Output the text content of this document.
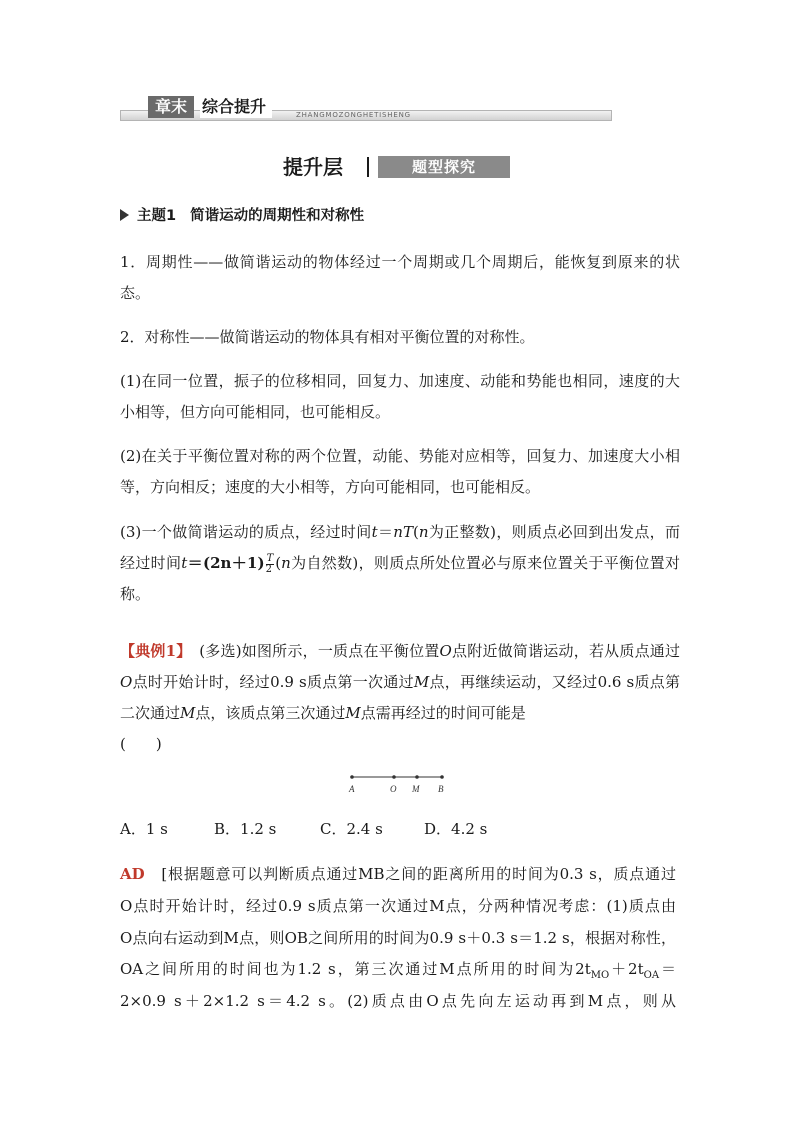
章末 综合提升	ZHANGMOZONGHETISHENG
提升层	题型探究
主题1 简谐运动的周期性和对称性
1．周期性——做简谐运动的物体经过一个周期或几个周期后，能恢复到原来的状态。
2．对称性——做简谐运动的物体具有相对平衡位置的对称性。
(1)在同一位置，振子的位移相同，回复力、加速度、动能和势能也相同，速度的大小相等，但方向可能相同，也可能相反。
(2)在关于平衡位置对称的两个位置，动能、势能对应相等，回复力、加速度大小相等，方向相反；速度的大小相等，方向可能相同，也可能相反。
(3)一个做简谐运动的质点，经过时间t＝nT(n为正整数)，则质点必回到出发点，而经过时间$t=(2n+1) \frac{T}{2} (n$为自然数)，则质点所处位置必与原来位置关于平衡位置对称。
【典例1】　(多选)如图所示，一质点在平衡位置O点附近做简谐运动，若从质点通过O点时开始计时，经过0.9 s质点第一次通过M点，再继续运动，又经过0.6 s质点第二次通过M点，该质点第三次通过M点需再经过的时间可能是
(　　)
A	O M B
A．1 s	B．1.2 s	C．2.4 s	D．4.2 s
AD　 [根据题意可以判断质点通过MB之间的距离所用的时间为0.3 s，质点通过
O点时开始计时，经过0.9 s质点第一次通过M点，分两种情况考虑：(1)质点由
O点向右运动到M点，则OB之间所用的时间为0.9 s＋0.3 s＝1.2 s，根据对称性，
OA之间所用的时间也为1.2 s，第三次通过M点所用的时间为$2t_{MO}+2t_{OA}=$
2×0.9 s＋2×1.2 s＝4.2 s。(2)质点由O点先向左运动再到M点，则从
